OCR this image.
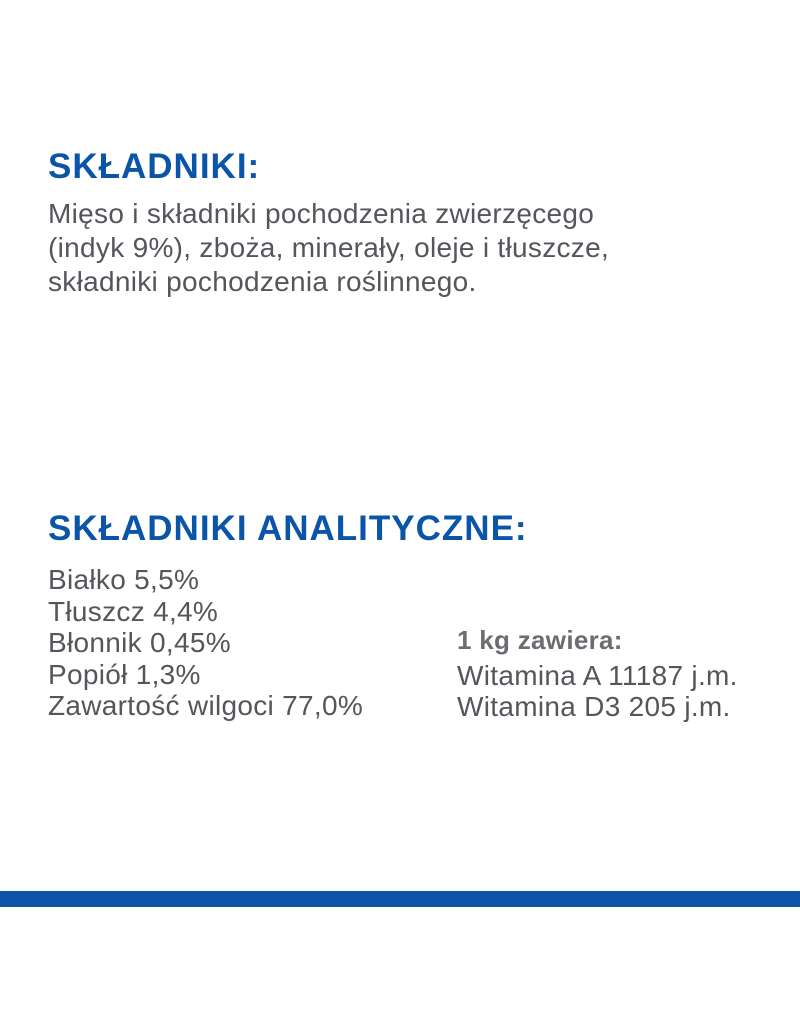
SKŁADNIKI:

Mięso i składniki pochodzenia zwierzęcego
(indyk 9%), zboża, minerały, oleje i tłuszcze,
składniki pochodzenia roślinnego.

SKŁADNIKI ANALITYCZNE:
Białko 5,5%
Tłuszcz 4,4%
Błonnik 0,45%
Popiół 1,3%
Zawartość wilgoci 77,0%
1 kg zawiera:
Witamina A 11187 j.m.
Witamina D3 205 j.m.
